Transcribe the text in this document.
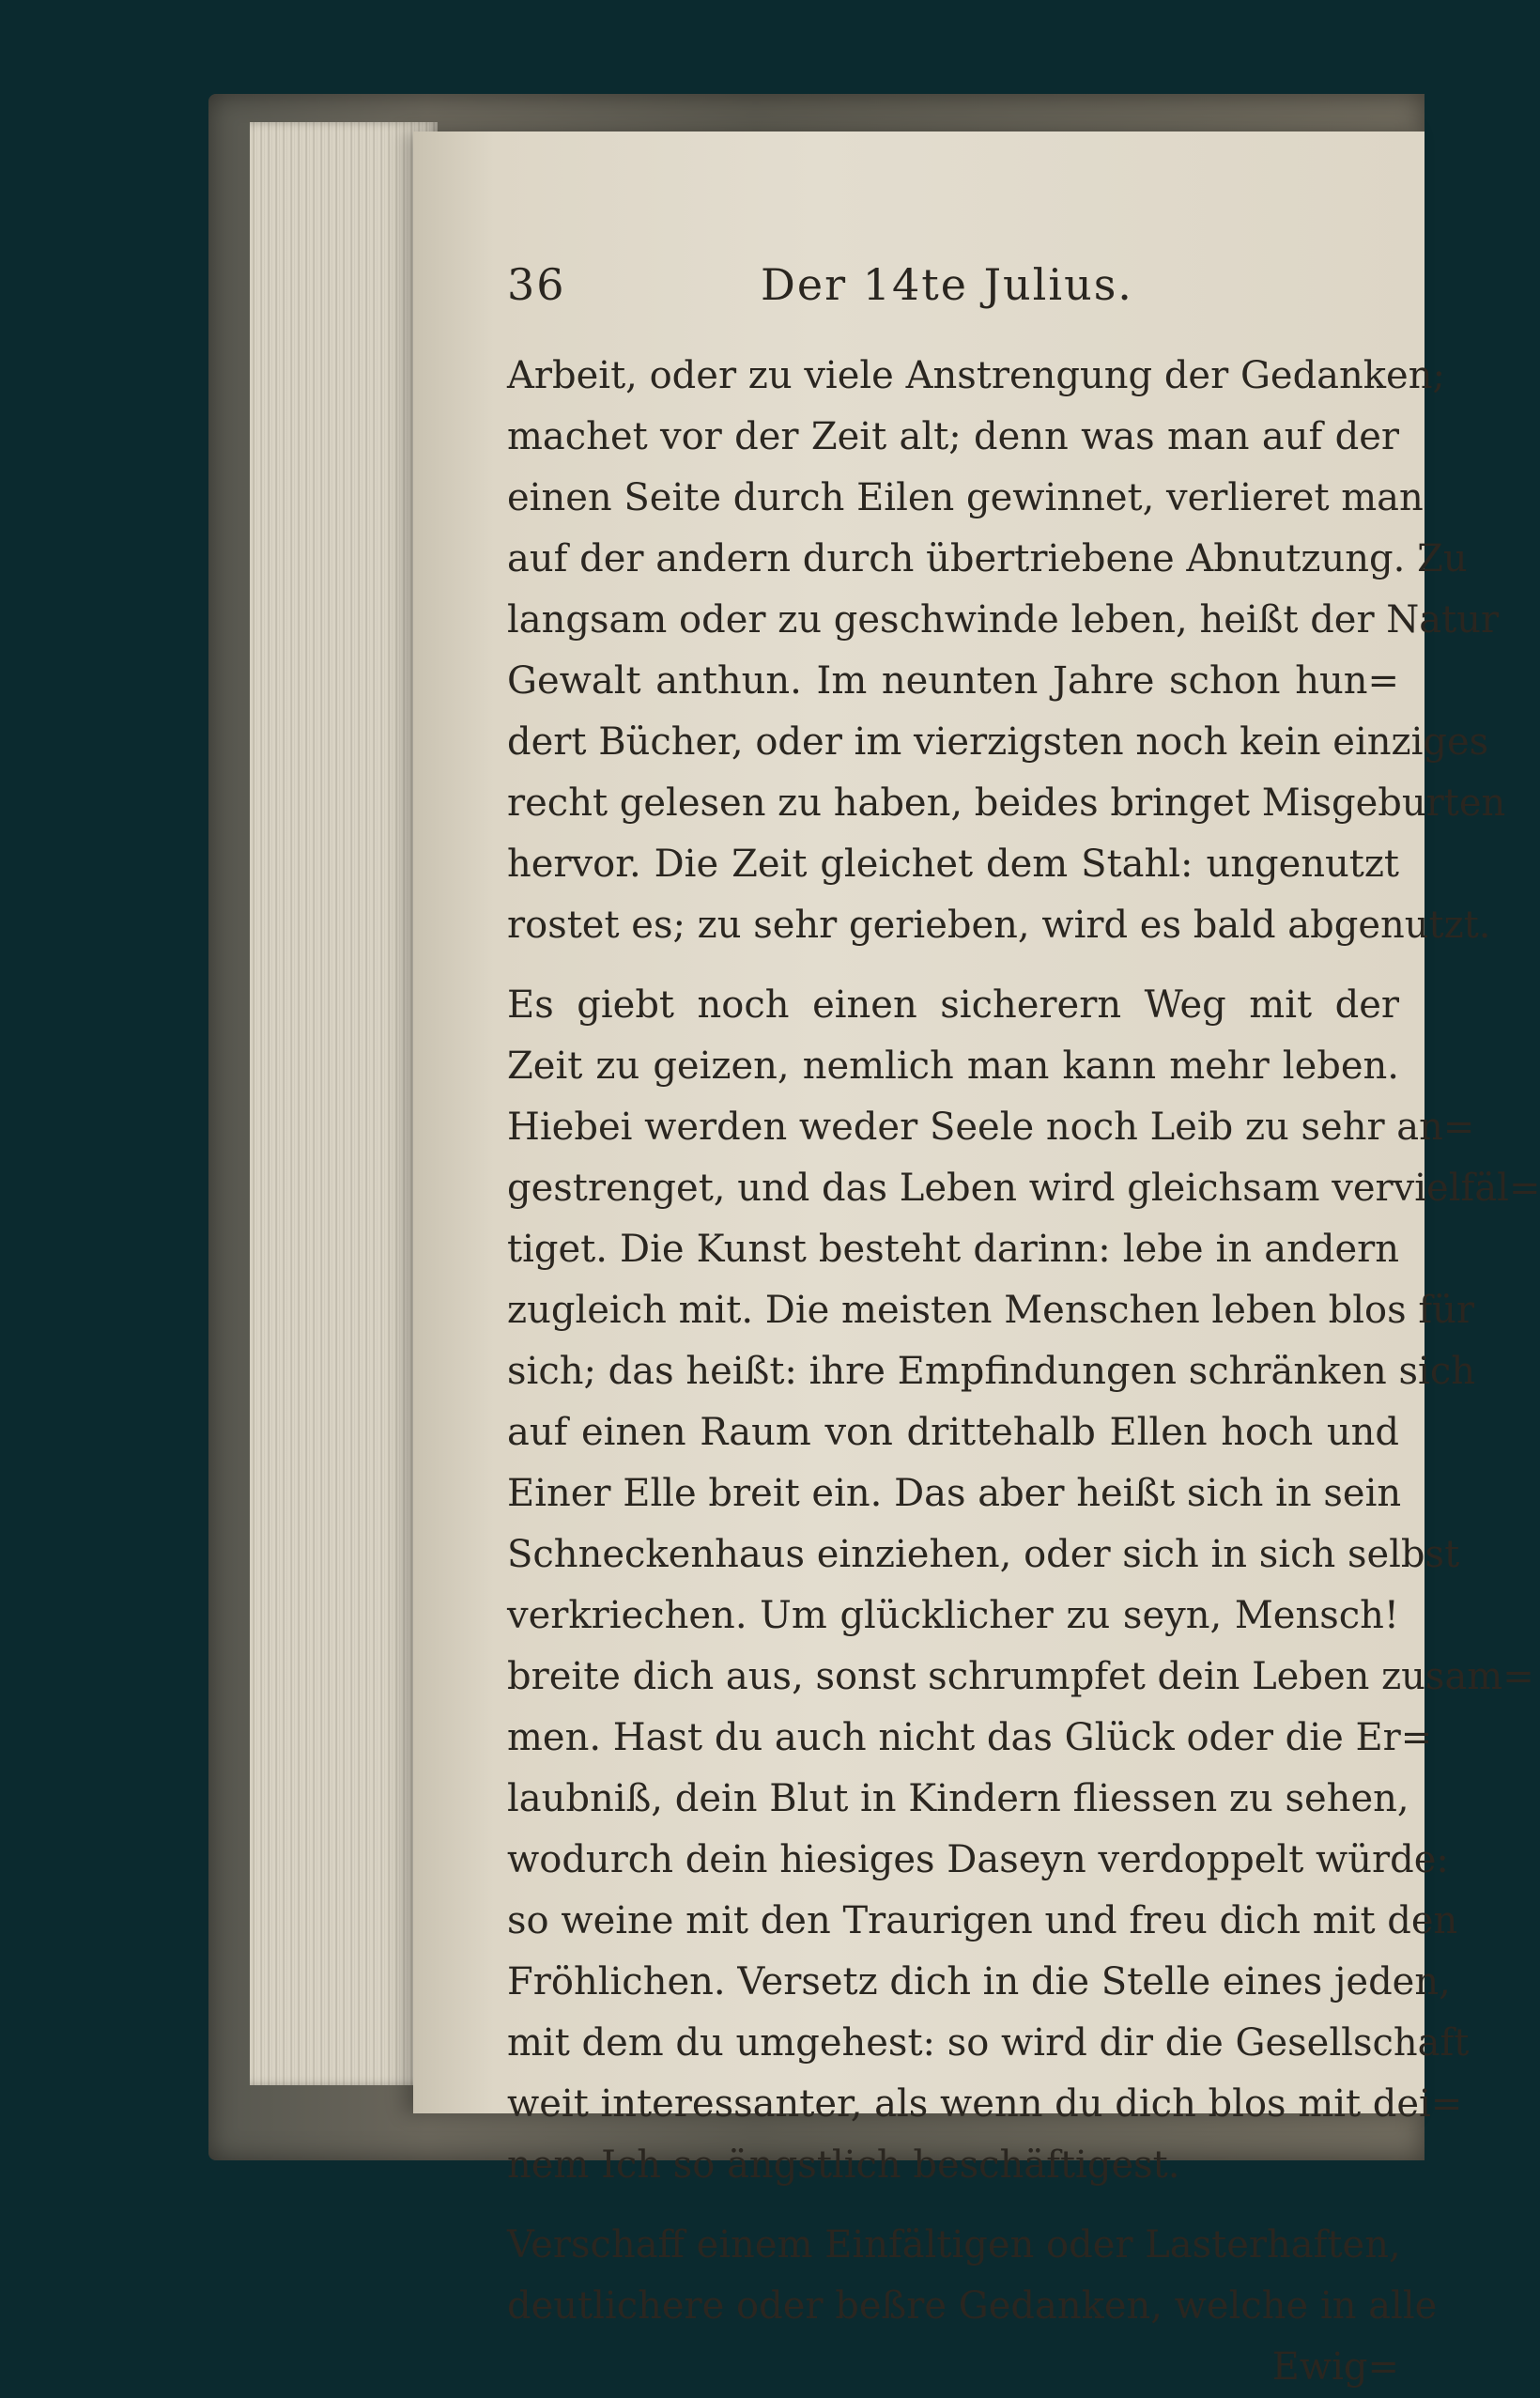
36	Der 14te Julius.

Arbeit, oder zu viele Anstrengung der Gedanken;
machet vor der Zeit alt; denn was man auf der
einen Seite durch Eilen gewinnet, verlieret man
auf der andern durch übertriebene Abnutzung. Zu
langsam oder zu geschwinde leben, heißt der Natur
Gewalt anthun. Im neunten Jahre schon hun=
dert Bücher, oder im vierzigsten noch kein einziges
recht gelesen zu haben, beides bringet Misgeburten
hervor. Die Zeit gleichet dem Stahl: ungenutzt
rostet es; zu sehr gerieben, wird es bald abgenutzt.

Es giebt noch einen sicherern Weg mit der
Zeit zu geizen, nemlich man kann mehr leben.
Hiebei werden weder Seele noch Leib zu sehr an=
gestrenget, und das Leben wird gleichsam vervielfäl=
tiget. Die Kunst besteht darinn: lebe in andern
zugleich mit. Die meisten Menschen leben blos für
sich; das heißt: ihre Empfindungen schränken sich
auf einen Raum von drittehalb Ellen hoch und
Einer Elle breit ein. Das aber heißt sich in sein
Schneckenhaus einziehen, oder sich in sich selbst
verkriechen. Um glücklicher zu seyn, Mensch!
breite dich aus, sonst schrumpfet dein Leben zusam=
men. Hast du auch nicht das Glück oder die Er=
laubniß, dein Blut in Kindern fliessen zu sehen,
wodurch dein hiesiges Daseyn verdoppelt würde:
so weine mit den Traurigen und freu dich mit den
Fröhlichen. Versetz dich in die Stelle eines jeden,
mit dem du umgehest: so wird dir die Gesellschaft
weit interessanter, als wenn du dich blos mit dei=
nem Ich so ängstlich beschäftigest.

Verschaff einem Einfältigen oder Lasterhaften,
deutlichere oder beßre Gedanken, welche in alle

Ewig=
